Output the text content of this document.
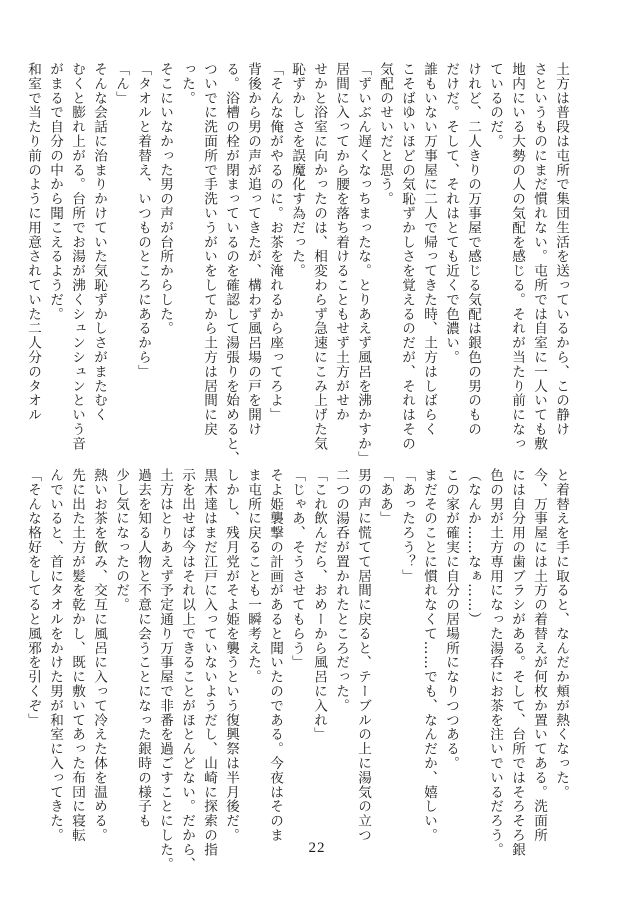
土方は普段は屯所で集団生活を送っているから、この静け
さというものにまだ慣れない。屯所では自室に一人いても敷
地内にいる大勢の人の気配を感じる。それが当たり前になっ
ているのだ。
けれど、二人きりの万事屋で感じる気配は銀色の男のもの
だけだ。そして、それはとても近くで色濃い。
誰もいない万事屋に二人で帰ってきた時、土方はしばらく
こそばゆいほどの気恥ずかしさを覚えるのだが、それはその
気配のせいだと思う。
「ずいぶん遅くなっちまったな。とりあえず風呂を沸かすか」
居間に入ってから腰を落ち着けることもせず土方がせか
せかと浴室に向かったのは、相変わらず急速にこみ上げた気
恥ずかしさを誤魔化す為だった。
「そんな俺がやるのに。お茶を淹れるから座ってろよ」
背後から男の声が追ってきたが、構わず風呂場の戸を開け
る。浴槽の栓が閉まっているのを確認して湯張りを始めると、
ついでに洗面所で手洗いうがいをしてから土方は居間に戻
った。
そこにいなかった男の声が台所からした。
「タオルと着替え、いつものところにあるから」
「ん」
そんな会話に治まりかけていた気恥ずかしさがまたむく
むくと膨れ上がる。台所でお湯が沸くシュンシュンという音
がまるで自分の中から聞こえるようだ。
和室で当たり前のように用意されていた二人分のタオル
と着替えを手に取ると、なんだか頬が熱くなった。
今、万事屋には土方の着替えが何枚か置いてある。洗面所
には自分用の歯ブラシがある。そして、台所ではそろそろ銀
色の男が土方専用になった湯呑にお茶を注いでいるだろう。
（なんか……なぁ……）
この家が確実に自分の居場所になりつつある。
まだそのことに慣れなくて……でも、なんだか、嬉しい。
「あったろう？」
「ああ」
男の声に慌てて居間に戻ると、テーブルの上に湯気の立つ
二つの湯呑が置かれたところだった。
「これ飲んだら、おめーから風呂に入れ」
「じゃあ、そうさせてもらう」
そよ姫襲撃の計画があると聞いたのである。今夜はそのま
ま屯所に戻ることも一瞬考えた。
しかし、残月党がそよ姫を襲うという復興祭は半月後だ。
黒木達はまだ江戸に入っていないようだし、山崎に探索の指
示を出せば今はそれ以上できることがほとんどない。だから、
土方はとりあえず予定通り万事屋で非番を過ごすことにした。
過去を知る人物と不意に会うことになった銀時の様子も
少し気になったのだ。
熱いお茶を飲み、交互に風呂に入って冷えた体を温める。
先に出た土方が髪を乾かし、既に敷いてあった布団に寝転
んでいると、首にタオルをかけた男が和室に入ってきた。
「そんな格好をしてると風邪を引くぞ」
22
